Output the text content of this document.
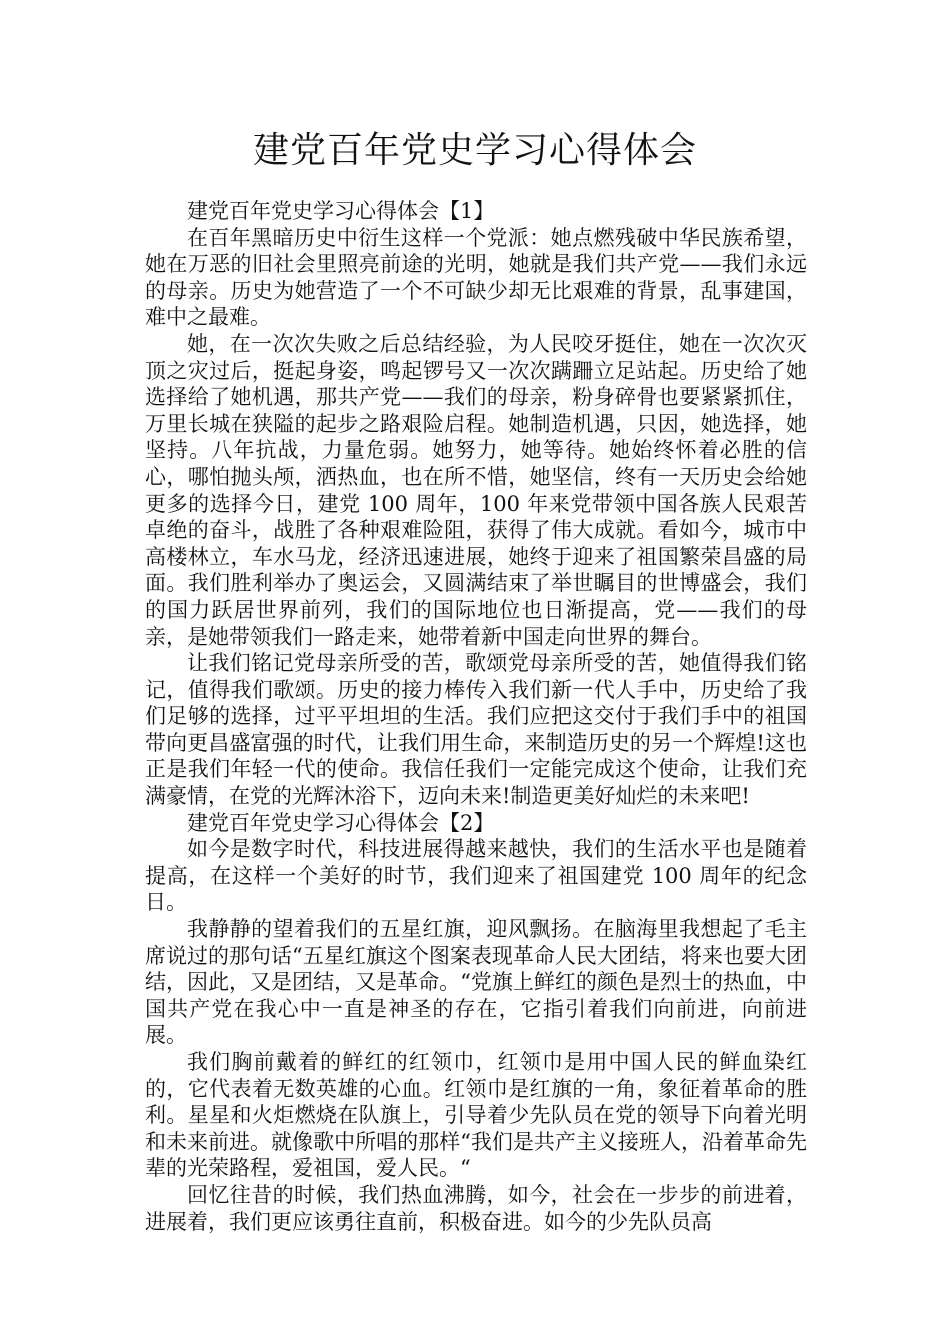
建党百年党史学习心得体会

建党百年党史学习心得体会【1】

在百年黑暗历史中衍生这样一个党派：她点燃残破中华民族希望，她在万恶的旧社会里照亮前途的光明，她就是我们共产党——我们永远的母亲。历史为她营造了一个不可缺少却无比艰难的背景，乱事建国，难中之最难。

她，在一次次失败之后总结经验，为人民咬牙挺住，她在一次次灭顶之灾过后，挺起身姿，鸣起锣号又一次次蹒跚立足站起。历史给了她选择给了她机遇，那共产党——我们的母亲，粉身碎骨也要紧紧抓住，万里长城在狭隘的起步之路艰险启程。她制造机遇，只因，她选择，她坚持。八年抗战，力量危弱。她努力，她等待。她始终怀着必胜的信心，哪怕抛头颅，洒热血，也在所不惜，她坚信，终有一天历史会给她更多的选择今日，建党 100 周年，100 年来党带领中国各族人民艰苦卓绝的奋斗，战胜了各种艰难险阻，获得了伟大成就。看如今，城市中高楼林立，车水马龙，经济迅速进展，她终于迎来了祖国繁荣昌盛的局面。我们胜利举办了奥运会，又圆满结束了举世瞩目的世博盛会，我们的国力跃居世界前列，我们的国际地位也日渐提高，党——我们的母亲，是她带领我们一路走来，她带着新中国走向世界的舞台。

让我们铭记党母亲所受的苦，歌颂党母亲所受的苦，她值得我们铭记，值得我们歌颂。历史的接力棒传入我们新一代人手中，历史给了我们足够的选择，过平平坦坦的生活。我们应把这交付于我们手中的祖国带向更昌盛富强的时代，让我们用生命，来制造历史的另一个辉煌!这也正是我们年轻一代的使命。我信任我们一定能完成这个使命，让我们充满豪情，在党的光辉沐浴下，迈向未来!制造更美好灿烂的未来吧!

建党百年党史学习心得体会【2】

如今是数字时代，科技进展得越来越快，我们的生活水平也是随着提高，在这样一个美好的时节，我们迎来了祖国建党 100 周年的纪念日。

我静静的望着我们的五星红旗，迎风飘扬。在脑海里我想起了毛主席说过的那句话“五星红旗这个图案表现革命人民大团结，将来也要大团结，因此，又是团结，又是革命。“党旗上鲜红的颜色是烈士的热血，中国共产党在我心中一直是神圣的存在，它指引着我们向前进，向前进展。

我们胸前戴着的鲜红的红领巾，红领巾是用中国人民的鲜血染红的，它代表着无数英雄的心血。红领巾是红旗的一角，象征着革命的胜利。星星和火炬燃烧在队旗上，引导着少先队员在党的领导下向着光明和未来前进。就像歌中所唱的那样“我们是共产主义接班人，沿着革命先辈的光荣路程，爱祖国，爱人民。“

回忆往昔的时候，我们热血沸腾，如今，社会在一步步的前进着，进展着，我们更应该勇往直前，积极奋进。如今的少先队员高
